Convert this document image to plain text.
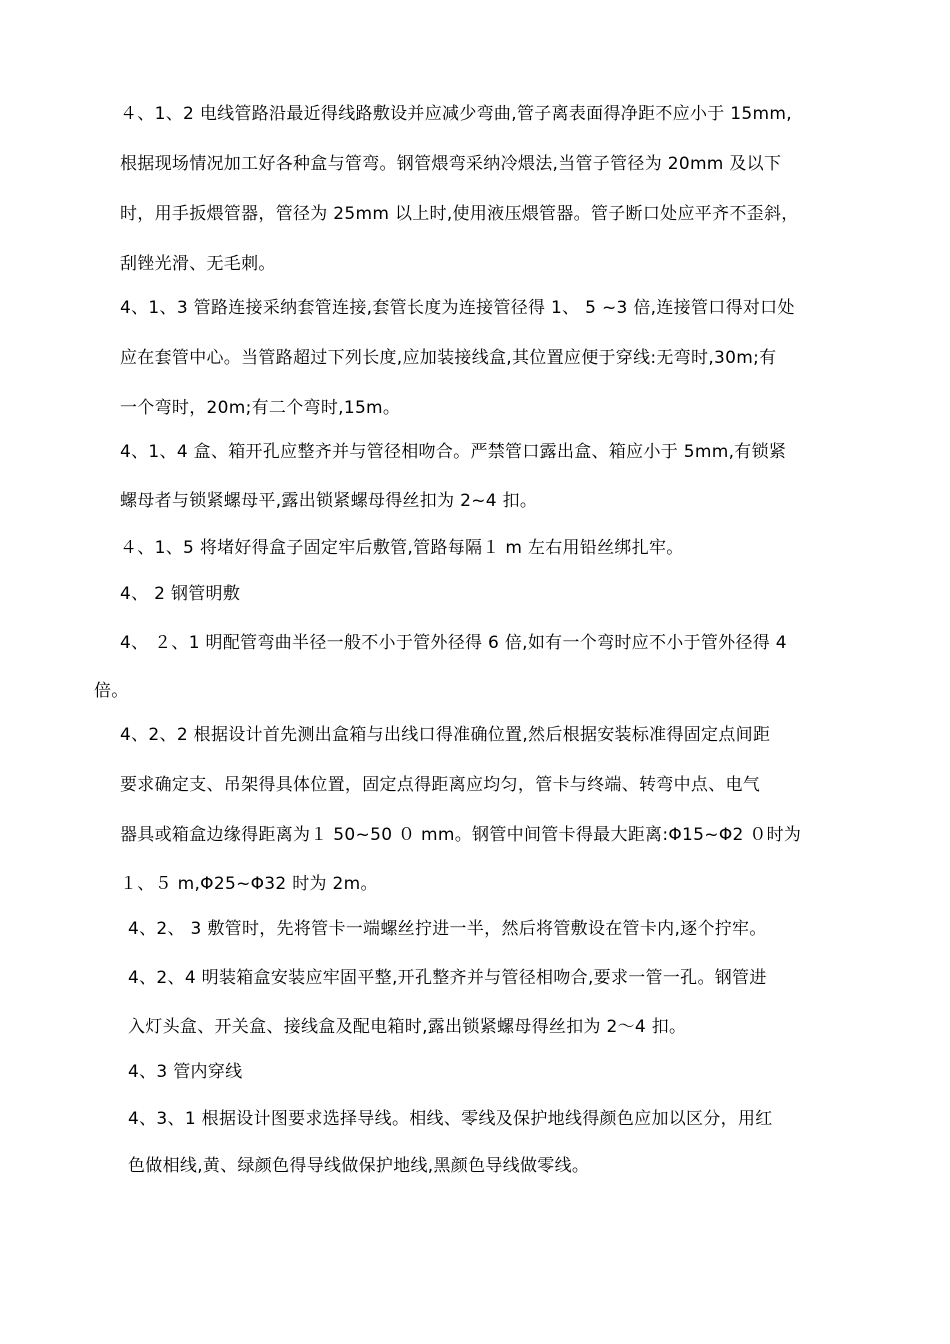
４、1、2 电线管路沿最近得线路敷设并应减少弯曲,管子离表面得净距不应小于 15mm,
根据现场情况加工好各种盒与管弯。钢管煨弯采纳冷煨法,当管子管径为 20mm 及以下
时，用手扳煨管器，管径为 25mm 以上时,使用液压煨管器。管子断口处应平齐不歪斜，
刮锉光滑、无毛刺。
4、1、3 管路连接采纳套管连接,套管长度为连接管径得 1、 5 ~3 倍,连接管口得对口处
应在套管中心。当管路超过下列长度,应加装接线盒,其位置应便于穿线:无弯时,30m;有
一个弯时，20m;有二个弯时,15m。
4、1、4 盒、箱开孔应整齐并与管径相吻合。严禁管口露出盒、箱应小于 5mm,有锁紧
螺母者与锁紧螺母平,露出锁紧螺母得丝扣为 2~4 扣。
４、1、5 将堵好得盒子固定牢后敷管,管路每隔１ m 左右用铅丝绑扎牢。
4、 2 钢管明敷
4、 ２、1 明配管弯曲半径一般不小于管外径得 6 倍,如有一个弯时应不小于管外径得 4
倍。
4、2、2 根据设计首先测出盒箱与出线口得准确位置,然后根据安装标准得固定点间距
要求确定支、吊架得具体位置，固定点得距离应均匀，管卡与终端、转弯中点、电气
器具或箱盒边缘得距离为１ 50~50 ０ mm。钢管中间管卡得最大距离:Φ15~Φ2 ０时为
１、５ m,Φ25~Φ32 时为 2m。
4、2、 3 敷管时，先将管卡一端螺丝拧进一半，然后将管敷设在管卡内,逐个拧牢。
4、2、4 明装箱盒安装应牢固平整,开孔整齐并与管径相吻合,要求一管一孔。钢管进
入灯头盒、开关盒、接线盒及配电箱时,露出锁紧螺母得丝扣为 2～4 扣。
4、3 管内穿线
4、3、1 根据设计图要求选择导线。相线、零线及保护地线得颜色应加以区分，用红
色做相线,黄、绿颜色得导线做保护地线,黑颜色导线做零线。
